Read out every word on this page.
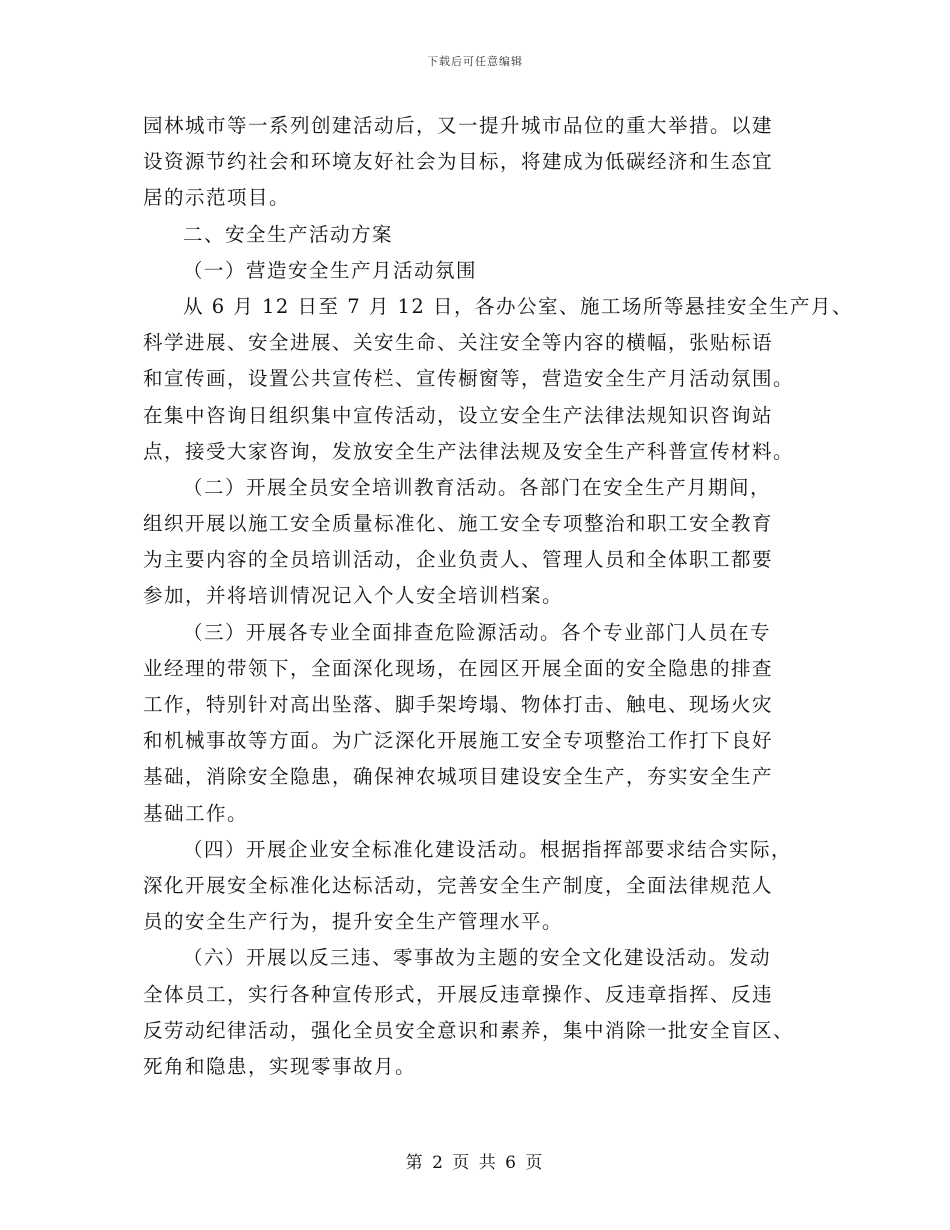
下载后可任意编辑
园林城市等一系列创建活动后，又一提升城市品位的重大举措。以建
设资源节约社会和环境友好社会为目标，将建成为低碳经济和生态宜
居的示范项目。
二、安全生产活动方案
（一）营造安全生产月活动氛围
从 6 月 12 日至 7 月 12 日，各办公室、施工场所等悬挂安全生产月、
科学进展、安全进展、关安生命、关注安全等内容的横幅，张贴标语
和宣传画，设置公共宣传栏、宣传橱窗等，营造安全生产月活动氛围。
在集中咨询日组织集中宣传活动，设立安全生产法律法规知识咨询站
点，接受大家咨询，发放安全生产法律法规及安全生产科普宣传材料。
（二）开展全员安全培训教育活动。各部门在安全生产月期间，
组织开展以施工安全质量标准化、施工安全专项整治和职工安全教育
为主要内容的全员培训活动，企业负责人、管理人员和全体职工都要
参加，并将培训情况记入个人安全培训档案。
（三）开展各专业全面排查危险源活动。各个专业部门人员在专
业经理的带领下，全面深化现场，在园区开展全面的安全隐患的排查
工作，特别针对高出坠落、脚手架垮塌、物体打击、触电、现场火灾
和机械事故等方面。为广泛深化开展施工安全专项整治工作打下良好
基础，消除安全隐患，确保神农城项目建设安全生产，夯实安全生产
基础工作。
（四）开展企业安全标准化建设活动。根据指挥部要求结合实际，
深化开展安全标准化达标活动，完善安全生产制度，全面法律规范人
员的安全生产行为，提升安全生产管理水平。
（六）开展以反三违、零事故为主题的安全文化建设活动。发动
全体员工，实行各种宣传形式，开展反违章操作、反违章指挥、反违
反劳动纪律活动，强化全员安全意识和素养，集中消除一批安全盲区、
死角和隐患，实现零事故月。
第 2 页 共 6 页
